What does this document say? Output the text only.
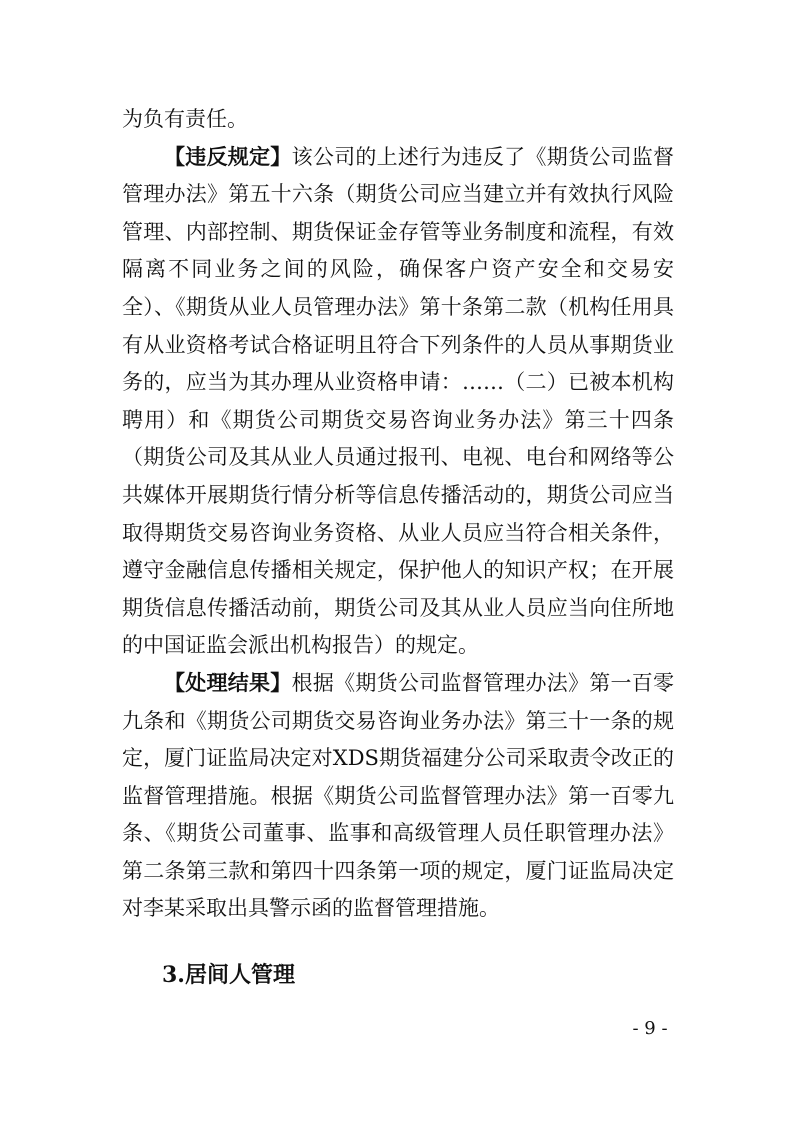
为负有责任。

【违反规定】该公司的上述行为违反了《期货公司监督管理办法》第五十六条（期货公司应当建立并有效执行风险管理、内部控制、期货保证金存管等业务制度和流程，有效隔离不同业务之间的风险，确保客户资产安全和交易安全）、《期货从业人员管理办法》第十条第二款（机构任用具有从业资格考试合格证明且符合下列条件的人员从事期货业务的，应当为其办理从业资格申请：……（二）已被本机构聘用）和《期货公司期货交易咨询业务办法》第三十四条（期货公司及其从业人员通过报刊、电视、电台和网络等公共媒体开展期货行情分析等信息传播活动的，期货公司应当取得期货交易咨询业务资格、从业人员应当符合相关条件，遵守金融信息传播相关规定，保护他人的知识产权；在开展期货信息传播活动前，期货公司及其从业人员应当向住所地的中国证监会派出机构报告）的规定。

【处理结果】根据《期货公司监督管理办法》第一百零九条和《期货公司期货交易咨询业务办法》第三十一条的规定，厦门证监局决定对XDS期货福建分公司采取责令改正的监督管理措施。根据《期货公司监督管理办法》第一百零九条、《期货公司董事、监事和高级管理人员任职管理办法》第二条第三款和第四十四条第一项的规定，厦门证监局决定对李某采取出具警示函的监督管理措施。

3.居间人管理
- 9 -
